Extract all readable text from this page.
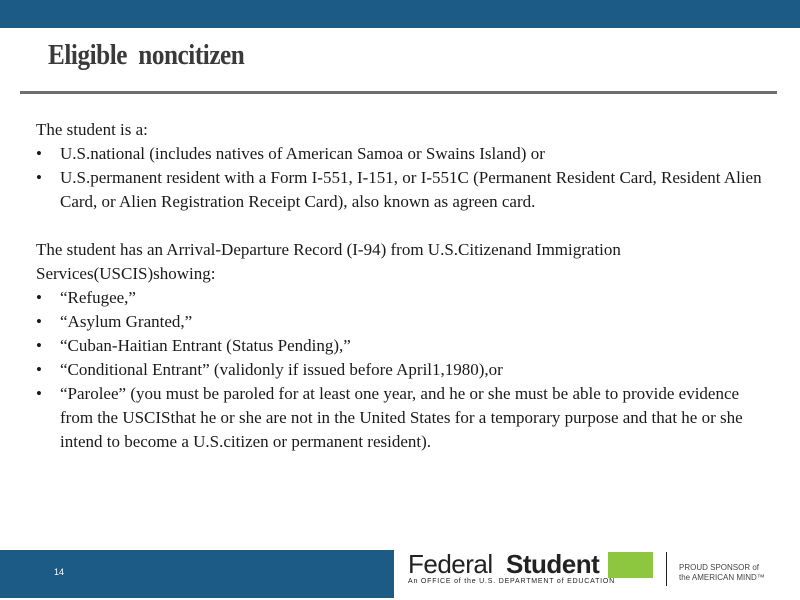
Eligible noncitizen

The student is a:

• U.S.national (includes natives of American Samoa or Swains Island) or
• U.S.permanent resident with a Form I-551, I-151, or I-551C (Permanent Resident Card, Resident Alien Card, or Alien Registration Receipt Card), also known as agreen card.

The student has an Arrival-Departure Record (I-94) from U.S.Citizenand Immigration Services(USCIS)showing:

• “Refugee,”
• “Asylum Granted,”
• “Cuban-Haitian Entrant (Status Pending),”
• “Conditional Entrant” (validonly if issued before April1,1980),or
• “Parolee” (you must be paroled for at least one year, and he or she must be able to provide evidence from the USCISthat he or she are not in the United States for a temporary purpose and that he or she intend to become a U.S.citizen or permanent resident).
14	Federal Student
An OFFICE of the U.S. DEPARTMENT of EDUCATION
PROUD SPONSOR of
the AMERICAN MIND™
